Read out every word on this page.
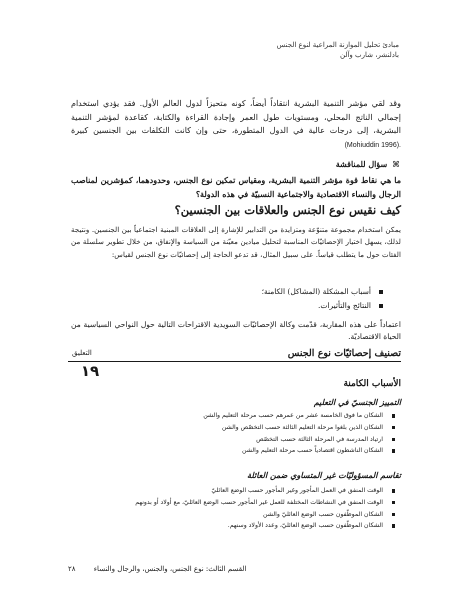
مبادئ تحليل الموازنة المراعية لنوع الجنس
بادلنشر، شارب وآلن

وقد لقي مؤشر التنمية البشرية انتقاداً أيضاً، كونه متحيزاً لدول العالم الأول. فقد يؤدي استخدام إجمالي الناتج المحلي، ومستويات طول العمر وإجادة القراءة والكتابة، كقاعدة لمؤشر التنمية البشرية، إلى درجات عالية في الدول المتطورة، حتى وإن كانت التكلفات بين الجنسين كبيرة (Mohiuddin 1996).

⌘ سؤال للمناقشة

ما هي نقاط قوة مؤشر التنمية البشرية، ومقياس تمكين نوع الجنس، وحدودهما، كمؤشرين لمناصب الرجال والنساء الاقتصادية والاجتماعية النسبيّة في هذه الدولة؟

كيف نقيس نوع الجنس والعلاقات بين الجنسين؟

يمكن استخدام مجموعة متنوّعة ومتزايدة من التدابير للإشارة إلى العلاقات المبنية اجتماعياً بين الجنسين. ونتيجة لذلك، يسهل اختيار الإحصائيّات المناسبة لتحليل ميادين معيّنة من السياسة والإنفاق، من خلال تطوير سلسلة من الفئات حول ما يتطلب قياساً. على سبيل المثال، قد تدعو الحاجة إلى إحصائيّات نوع الجنس لقياس:

أسباب المشكلة (المشاكل) الكامنة؛
النتائج والتأثيرات.

اعتماداً على هذه المقاربة، قدّمت وكالة الإحصائيّات السويدية الاقتراحات التالية حول النواحي السياسية من الحياة الاقتصاديّة.

التعليق
١٩
تصنيف إحصائيّات نوع الجنس
الأسباب الكامنة
التمييز الجنسيّ في التعليم
الشكان ما فوق الخامسة عشر من عمرهم حسب مرحلة التعليم والشن
الشكان الذين بلغوا مرحلة التعليم الثالثة حسب التخصّص والشن
ارتياد المدرسة في المرحلة الثالثة حسب التخصّص
الشكان الناشطون اقتصادياً حسب مرحلة التعليم والشن
تقاسم المسؤوليّات غير المتساوي ضمن العائلة
الوقت المنفق في العمل المأجور وغير المأجور حسب الوضع العائليّ
الوقت المنفق في النشاطات المختلفة للعمل غير المأجور حسب الوضع العائليّ، مع أولاد أو بدونهم
الشكان الموظّفون حسب الوضع العائليّ والشن
الشكان الموظّفون حسب الوضع العائليّ، وعدد الأولاد وسنهم.
القسم الثالث: نوع الجنس، والجنس، والرجال والنساء ٢٨
